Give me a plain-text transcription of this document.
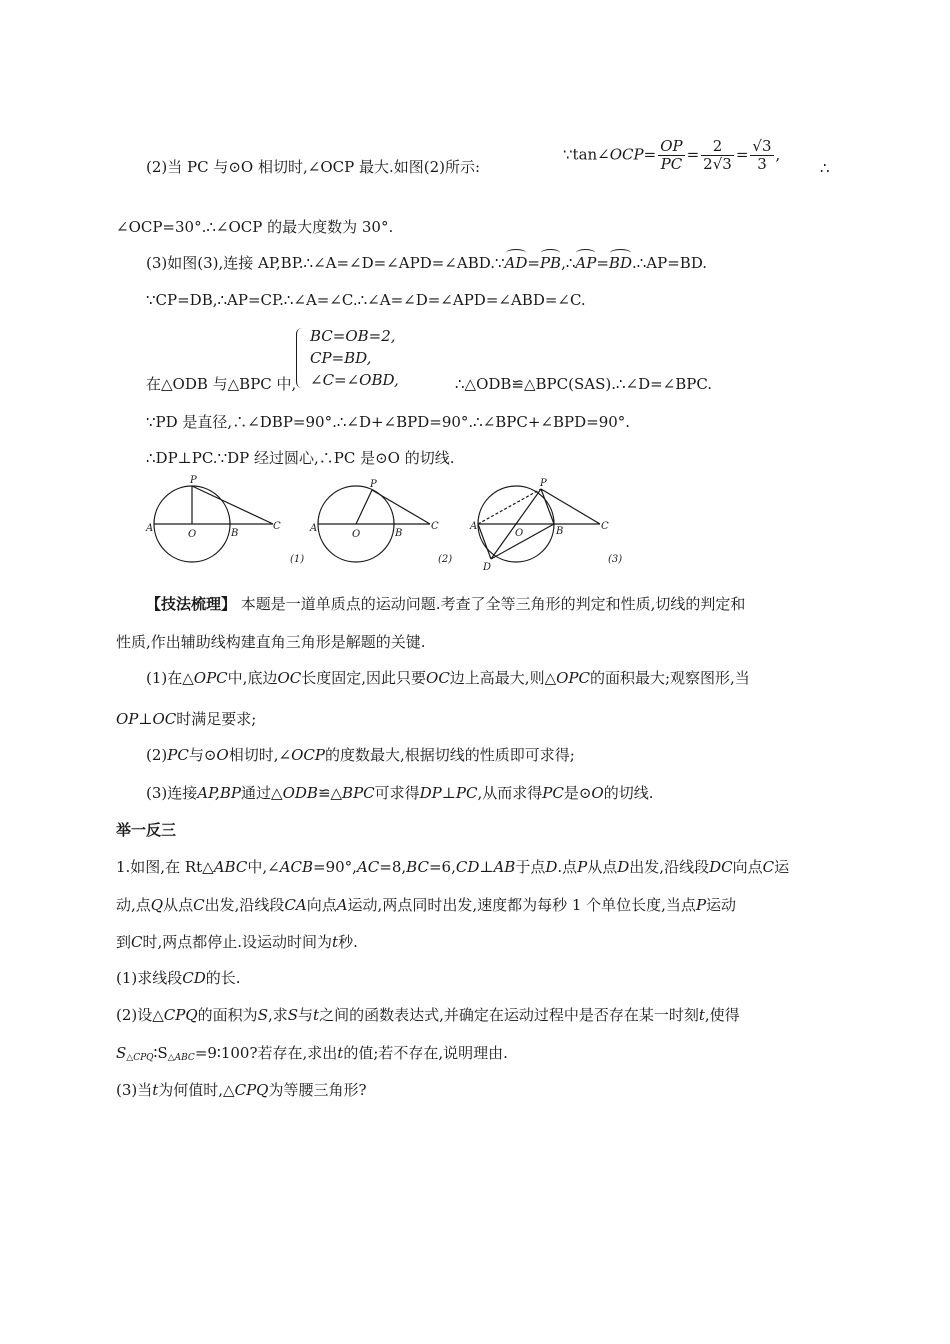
(2)当 PC 与⊙O 相切时,∠OCP 最大.如图(2)所示:
∵tan∠OCP= $\frac{OP}{PC} = \frac{2}{2√3} = \frac{√3}{3}$ ,
∴
∠OCP=30°.∴∠OCP 的最大度数为 30°.
(3)如图(3),连接 AP,BP.∴∠A=∠D=∠APD=∠ABD.∵AD=PB,∴AP=BD.∴AP=BD.
∵CP=DB,∴AP=CP.∴∠A=∠C.∴∠A=∠D=∠APD=∠ABD=∠C.
BC=OB=2,
CP=BD,
∠C=∠OBD,
在△ODB 与△BPC 中,	∴△ODB≌△BPC(SAS).∴∠D=∠BPC.
∵PD 是直径,∴∠DBP=90°.∴∠D+∠BPD=90°.∴∠BPC+∠BPD=90°.
∴DP⊥PC.∵DP 经过圆心,∴PC 是⊙O 的切线.
P
A
O	B
C
(1)
P
A
O	B
C
(2)
P
A
O	B	C
D
(3)
【技法梳理】 本题是一道单质点的运动问题.考查了全等三角形的判定和性质,切线的判定和
性质,作出辅助线构建直角三角形是解题的关键.
(1)在△OPC中,底边OC长度固定,因此只要OC边上高最大,则△OPC的面积最大;观察图形,当
OP⊥OC时满足要求;
(2)PC与⊙O相切时,∠OCP的度数最大,根据切线的性质即可求得;
(3)连接AP,BP通过△ODB≌△BPC可求得DP⊥PC,从而求得PC是⊙O的切线.
举一反三
1.如图,在 Rt△ABC中,∠ACB=90°,AC=8,BC=6,CD⊥AB于点D.点P从点D出发,沿线段DC向点C运
动,点Q从点C出发,沿线段CA向点A运动,两点同时出发,速度都为每秒 1 个单位长度,当点P运动
到C时,两点都停止.设运动时间为t秒.
(1)求线段CD的长.
(2)设△CPQ的面积为S,求S与t之间的函数表达式,并确定在运动过程中是否存在某一时刻t,使得
$S_{\triangle CPQ}∶S_{\triangle ABC}=9∶100$?若存在,求出t的值;若不存在,说明理由.
(3)当t为何值时,△CPQ为等腰三角形?
